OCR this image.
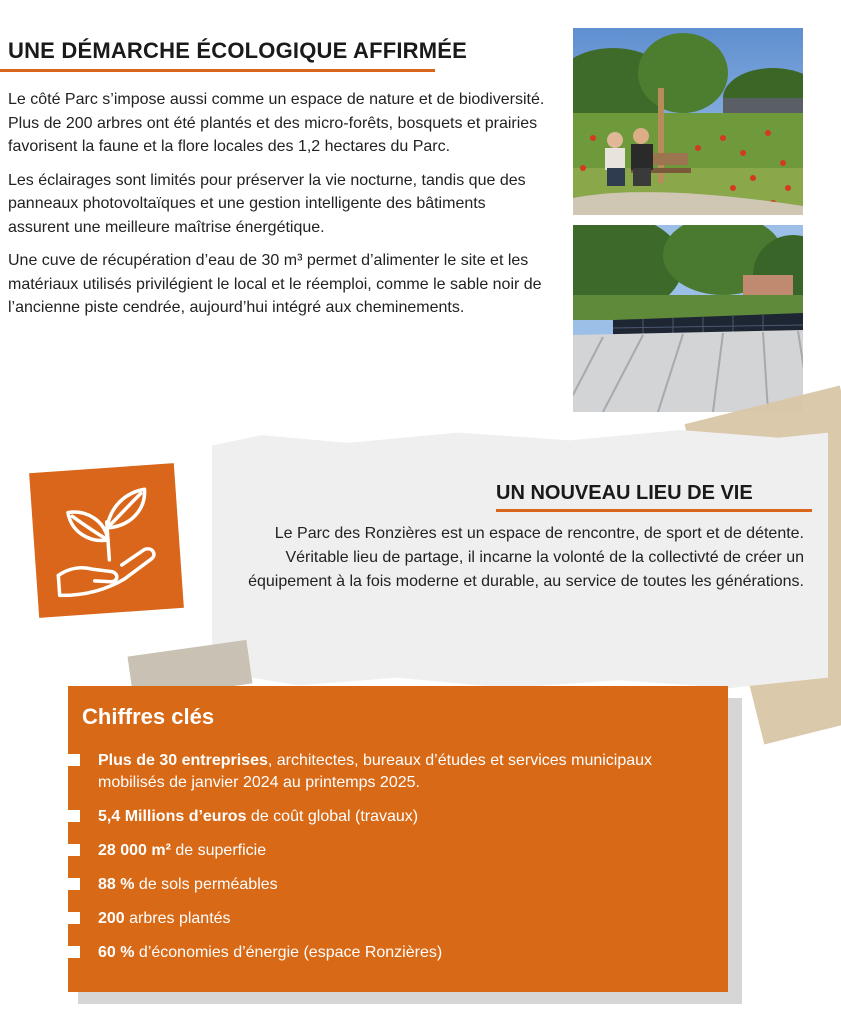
UNE DÉMARCHE ÉCOLOGIQUE AFFIRMÉE

Le côté Parc s’impose aussi comme un espace de nature et de biodiversité. Plus de 200 arbres ont été plantés et des micro-forêts, bosquets et prairies favorisent la faune et la flore locales des 1,2 hectares du Parc.

Les éclairages sont limités pour préserver la vie nocturne, tandis que des panneaux photovoltaïques et une gestion intelligente des bâtiments assurent une meilleure maîtrise énergétique.

Une cuve de récupération d’eau de 30 m³ permet d’alimenter le site et les matériaux utilisés privilégient le local et le réemploi, comme le sable noir de l’ancienne piste cendrée, aujourd’hui intégré aux cheminements.

UN NOUVEAU LIEU DE VIE

Le Parc des Ronzières est un espace de rencontre, de sport et de détente. Véritable lieu de partage, il incarne la volonté de la collectivté de créer un équipement à la fois moderne et durable, au service de toutes les générations.

Chiffres clés
Plus de 30 entreprises, architectes, bureaux d’études et services municipaux mobilisés de janvier 2024 au printemps 2025.
5,4 Millions d’euros de coût global (travaux)
28 000 m² de superficie
88 % de sols perméables
200 arbres plantés
60 % d’économies d’énergie (espace Ronzières)
